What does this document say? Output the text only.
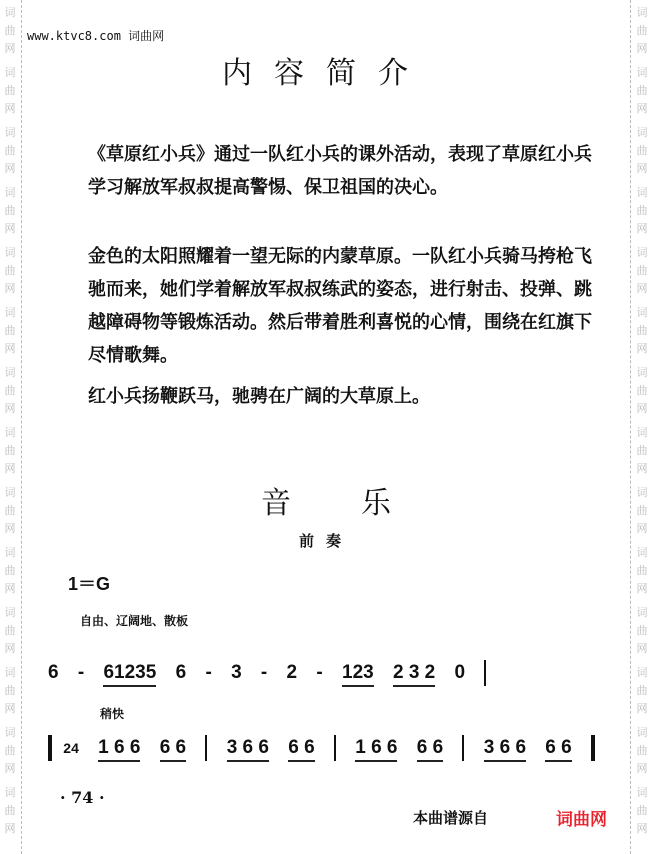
词
曲
网
词
曲
网
词
曲
网
词
曲
网
词
曲
网
词
曲
网
词
曲
网
词
曲
网
词
曲
网
词
曲
网
词
曲
网
词
曲
网
词
曲
网
词
曲
网
词
曲
网
词
曲
网
词
曲
网
词
曲
网
词
曲
网
词
曲
网
词
曲
网
词
曲
网
词
曲
网
词
曲
网
词
曲
网
词
曲
网
词
曲
网
词
曲
网
www.ktvc8.com 词曲网
内容简介
《草原红小兵》通过一队红小兵的课外活动，表现了草原红小兵学习解放军叔叔提高警惕、保卫祖国的决心。
金色的太阳照耀着一望无际的内蒙草原。一队红小兵骑马挎枪飞驰而来，她们学着解放军叔叔练武的姿态，进行射击、投弹、跳越障碍物等锻炼活动。然后带着胜利喜悦的心情，围绕在红旗下尽情歌舞。
红小兵扬鞭跃马，驰骋在广阔的大草原上。
音乐
前奏
1＝G
自由、辽阔地、散板
6 - 61235 6 - 3 - 2 - 123 2 3 2 0
稍快
24 1 6 6 6 6 3 6 6 6 6 1 6 6 6 6 3 6 6 6 6
· 74 ·
本曲谱源自	词曲网
